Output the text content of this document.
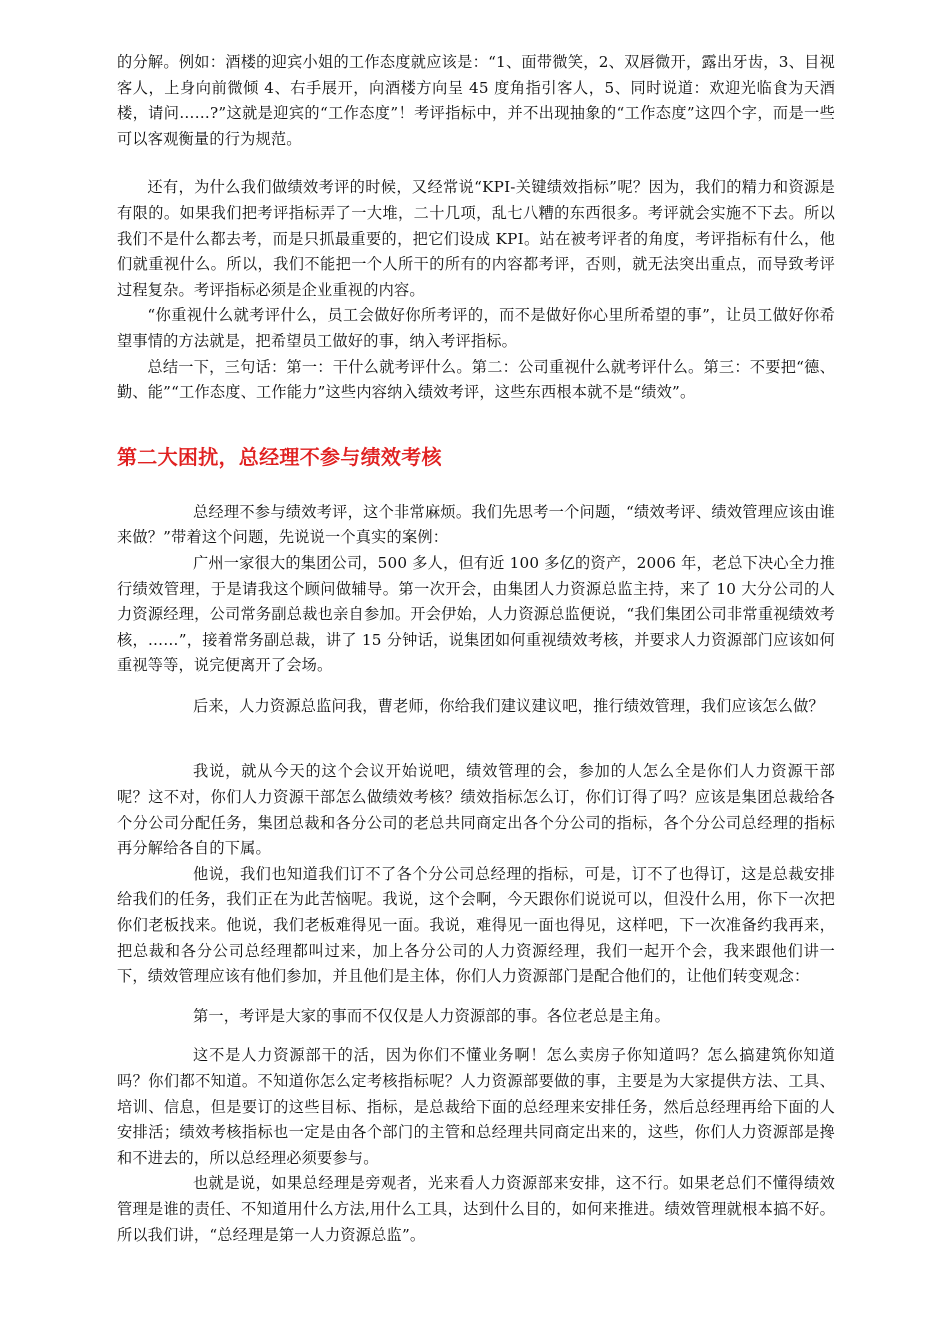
的分解。例如：酒楼的迎宾小姐的工作态度就应该是：“1、面带微笑，2、双唇微开，露出牙齿，3、目视客人，上身向前微倾 4、右手展开，向酒楼方向呈 45 度角指引客人，5、同时说道：欢迎光临食为天酒楼，请问……?”这就是迎宾的“工作态度”！考评指标中，并不出现抽象的“工作态度”这四个字，而是一些可以客观衡量的行为规范。

还有，为什么我们做绩效考评的时候，又经常说“KPI-关键绩效指标”呢？因为，我们的精力和资源是有限的。如果我们把考评指标弄了一大堆，二十几项，乱七八糟的东西很多。考评就会实施不下去。所以我们不是什么都去考，而是只抓最重要的，把它们设成 KPI。站在被考评者的角度，考评指标有什么，他们就重视什么。所以，我们不能把一个人所干的所有的内容都考评，否则，就无法突出重点，而导致考评过程复杂。考评指标必须是企业重视的内容。

“你重视什么就考评什么，员工会做好你所考评的，而不是做好你心里所希望的事”，让员工做好你希望事情的方法就是，把希望员工做好的事，纳入考评指标。

总结一下，三句话：第一：干什么就考评什么。第二：公司重视什么就考评什么。第三：不要把“德、勤、能”“工作态度、工作能力”这些内容纳入绩效考评，这些东西根本就不是“绩效”。

第二大困扰，总经理不参与绩效考核

总经理不参与绩效考评，这个非常麻烦。我们先思考一个问题，“绩效考评、绩效管理应该由谁来做？”带着这个问题，先说说一个真实的案例：

广州一家很大的集团公司，500 多人，但有近 100 多亿的资产，2006 年，老总下决心全力推行绩效管理，于是请我这个顾问做辅导。第一次开会，由集团人力资源总监主持，来了 10 大分公司的人力资源经理，公司常务副总裁也亲自参加。开会伊始，人力资源总监便说，“我们集团公司非常重视绩效考核，……”，接着常务副总裁，讲了 15 分钟话，说集团如何重视绩效考核，并要求人力资源部门应该如何重视等等，说完便离开了会场。

后来，人力资源总监问我，曹老师，你给我们建议建议吧，推行绩效管理，我们应该怎么做？

我说，就从今天的这个会议开始说吧，绩效管理的会，参加的人怎么全是你们人力资源干部呢？这不对，你们人力资源干部怎么做绩效考核？绩效指标怎么订，你们订得了吗？应该是集团总裁给各个分公司分配任务，集团总裁和各分公司的老总共同商定出各个分公司的指标，各个分公司总经理的指标再分解给各自的下属。

他说，我们也知道我们订不了各个分公司总经理的指标，可是，订不了也得订，这是总裁安排给我们的任务，我们正在为此苦恼呢。我说，这个会啊，今天跟你们说说可以，但没什么用，你下一次把你们老板找来。他说，我们老板难得见一面。我说，难得见一面也得见，这样吧，下一次准备约我再来，把总裁和各分公司总经理都叫过来，加上各分公司的人力资源经理，我们一起开个会，我来跟他们讲一下，绩效管理应该有他们参加，并且他们是主体，你们人力资源部门是配合他们的，让他们转变观念：

第一，考评是大家的事而不仅仅是人力资源部的事。各位老总是主角。

这不是人力资源部干的活，因为你们不懂业务啊！怎么卖房子你知道吗？怎么搞建筑你知道吗？你们都不知道。不知道你怎么定考核指标呢？人力资源部要做的事，主要是为大家提供方法、工具、培训、信息，但是要订的这些目标、指标，是总裁给下面的总经理来安排任务，然后总经理再给下面的人安排活；绩效考核指标也一定是由各个部门的主管和总经理共同商定出来的，这些，你们人力资源部是搀和不进去的，所以总经理必须要参与。

也就是说，如果总经理是旁观者，光来看人力资源部来安排，这不行。如果老总们不懂得绩效管理是谁的责任、不知道用什么方法,用什么工具，达到什么目的，如何来推进。绩效管理就根本搞不好。所以我们讲，“总经理是第一人力资源总监”。
